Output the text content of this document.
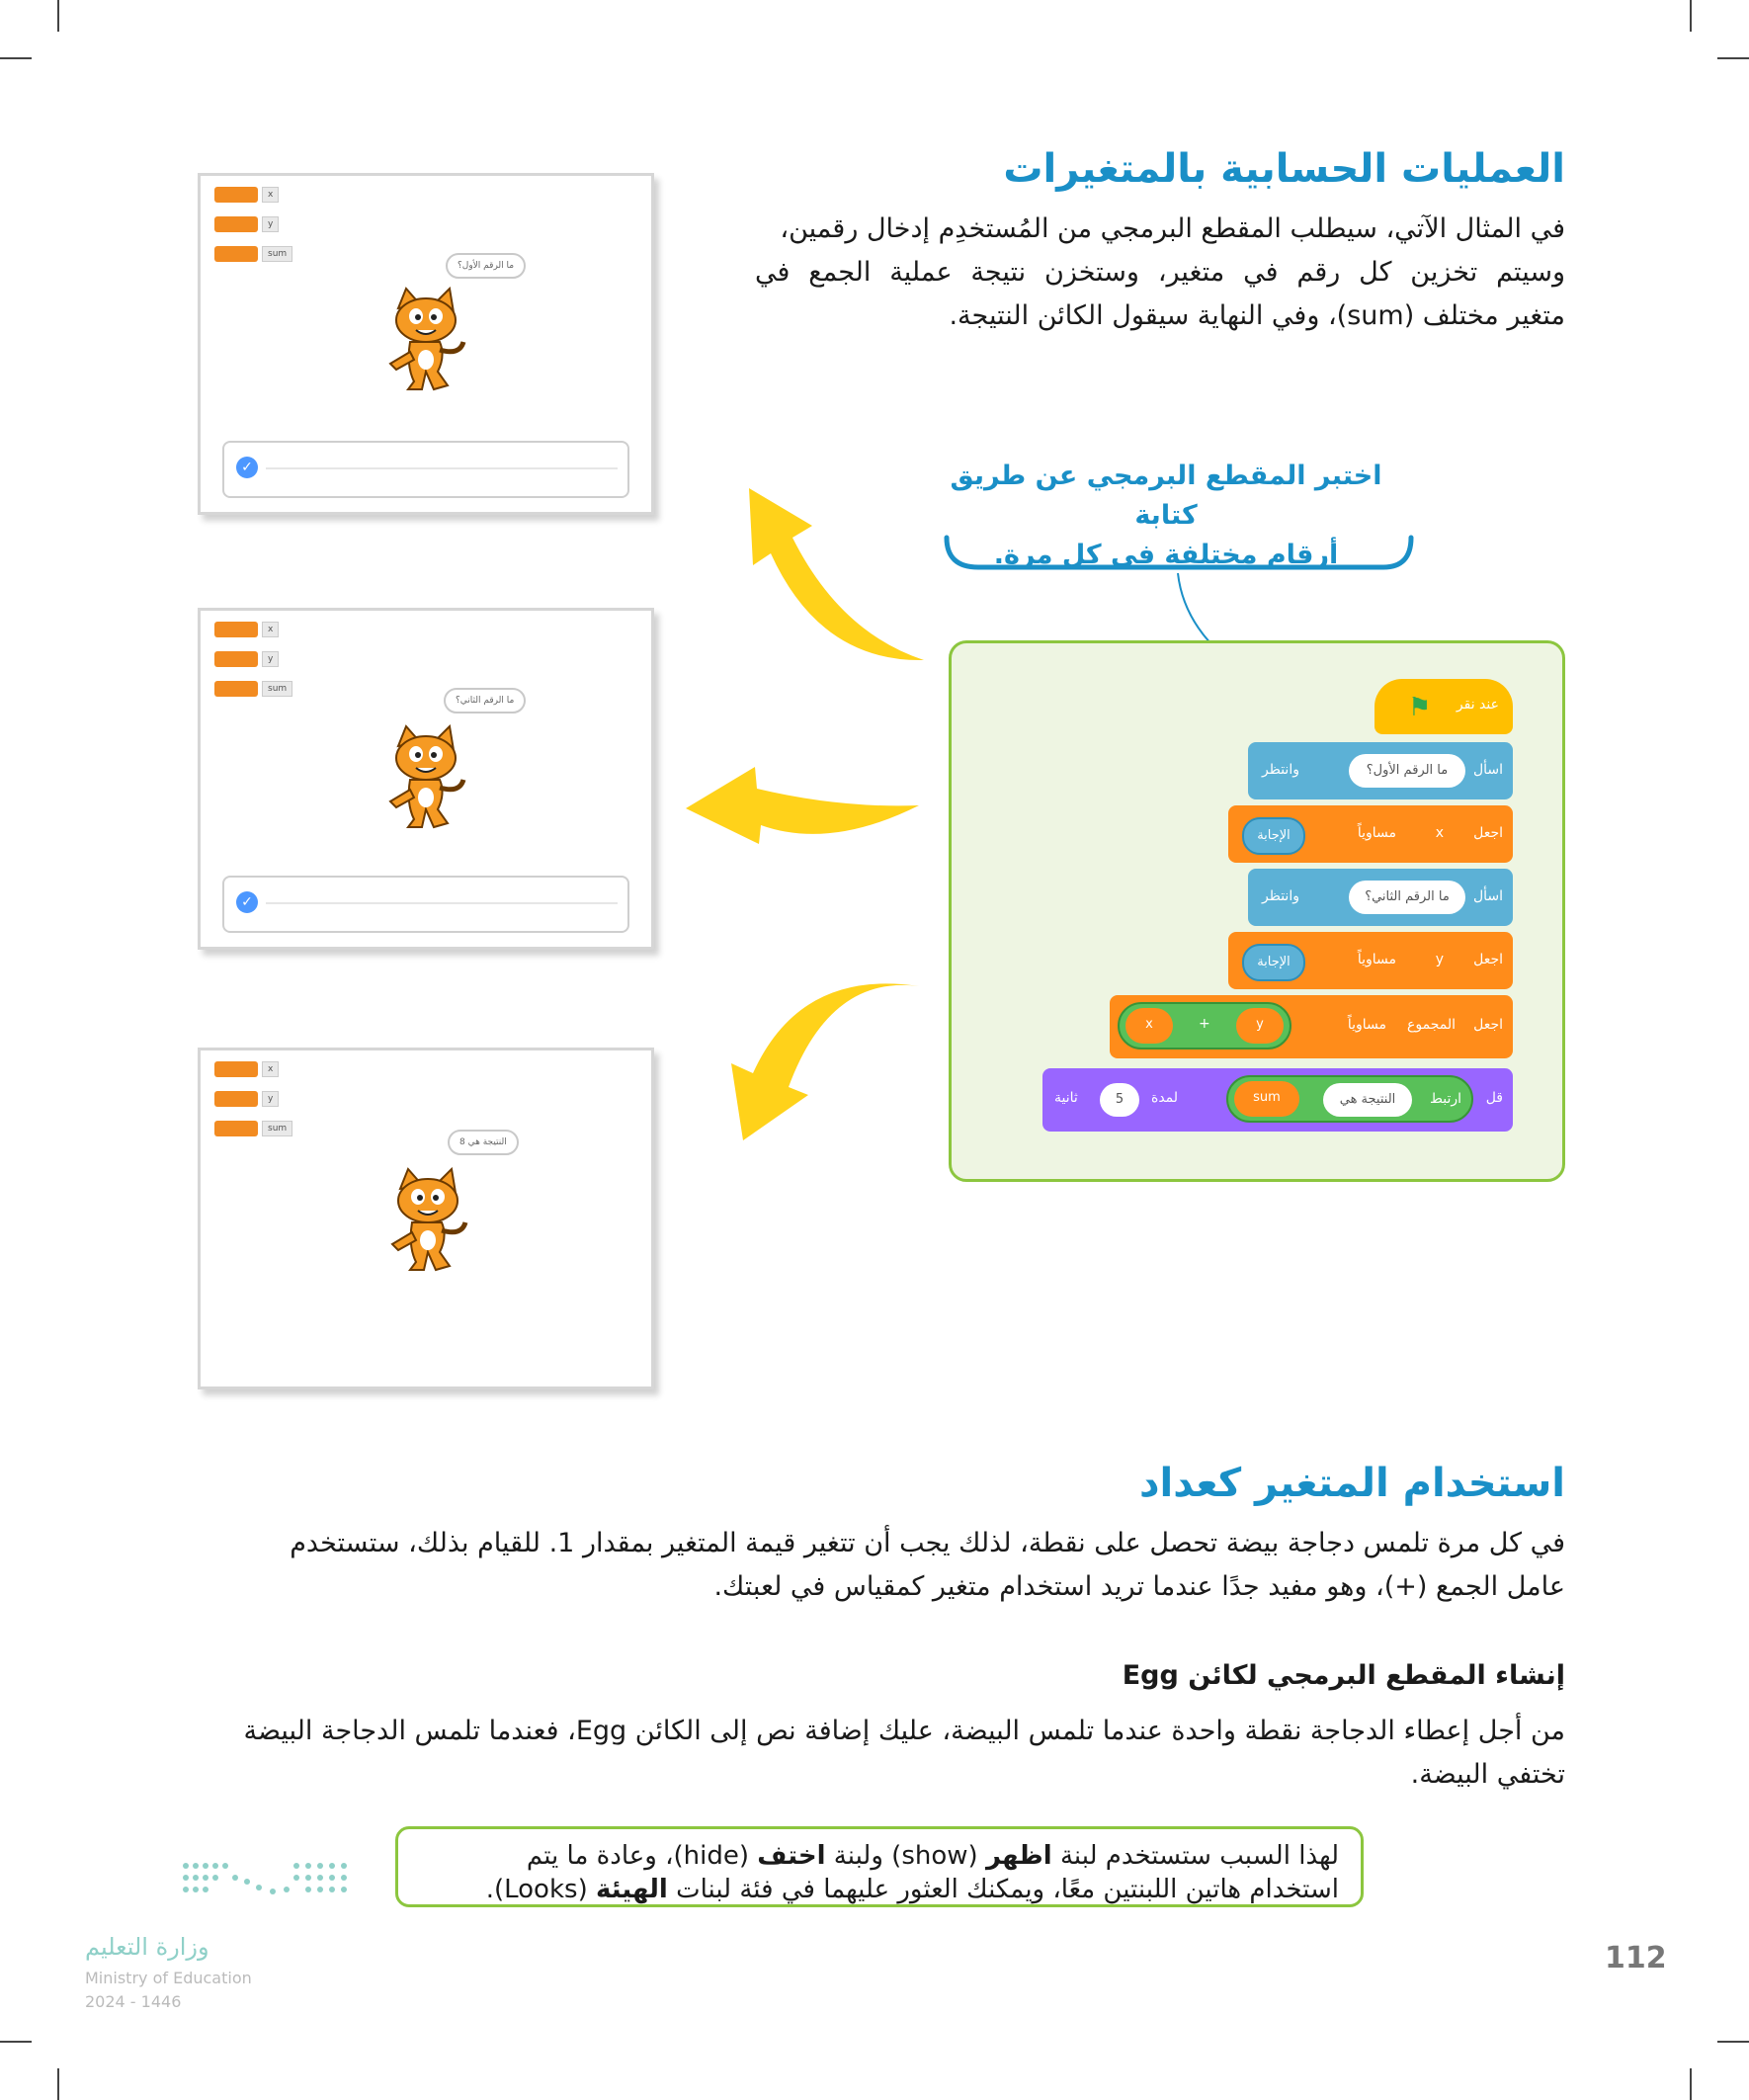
العمليات الحسابية بالمتغيرات
في المثال الآتي، سيطلب المقطع البرمجي من المُستخدِم إدخال رقمين،
وسيتم تخزين كل رقم في متغير، وستخزن نتيجة عملية الجمع في
متغير مختلف (sum)، وفي النهاية سيقول الكائن النتيجة.
اختبر المقطع البرمجي عن طريق كتابة
أرقام مختلفة في كل مرة.
x
y
sum
ما الرقم الأول؟
✓
x
y
sum
ما الرقم الثاني؟
✓
x
y
sum
النتيجة هي 8
⚑ عند نقر
اسأل
ما الرقم الأول؟
وانتظر
اجعل
x
مساوياً
الإجابة
اسأل
ما الرقم الثاني؟
وانتظر
اجعل
y
مساوياً
الإجابة
اجعل
المجموع
مساوياً
x	+	y
قل
ارتبط
النتيجة هي
sum
لمدة
5
ثانية
استخدام المتغير كعداد
في كل مرة تلمس دجاجة بيضة تحصل على نقطة، لذلك يجب أن تتغير قيمة المتغير بمقدار 1. للقيام بذلك، ستستخدم
عامل الجمع (+)، وهو مفيد جدًا عندما تريد استخدام متغير كمقياس في لعبتك.
إنشاء المقطع البرمجي لكائن Egg
من أجل إعطاء الدجاجة نقطة واحدة عندما تلمس البيضة، عليك إضافة نص إلى الكائن Egg، فعندما تلمس الدجاجة البيضة
تختفي البيضة.
لهذا السبب ستستخدم لبنة اظهر (show) ولبنة اختف (hide)، وعادة ما يتم
استخدام هاتين اللبنتين معًا، ويمكنك العثور عليهما في فئة لبنات الهيئة (Looks).
وزارة التعليم
Ministry of Education
2024 - 1446
112
